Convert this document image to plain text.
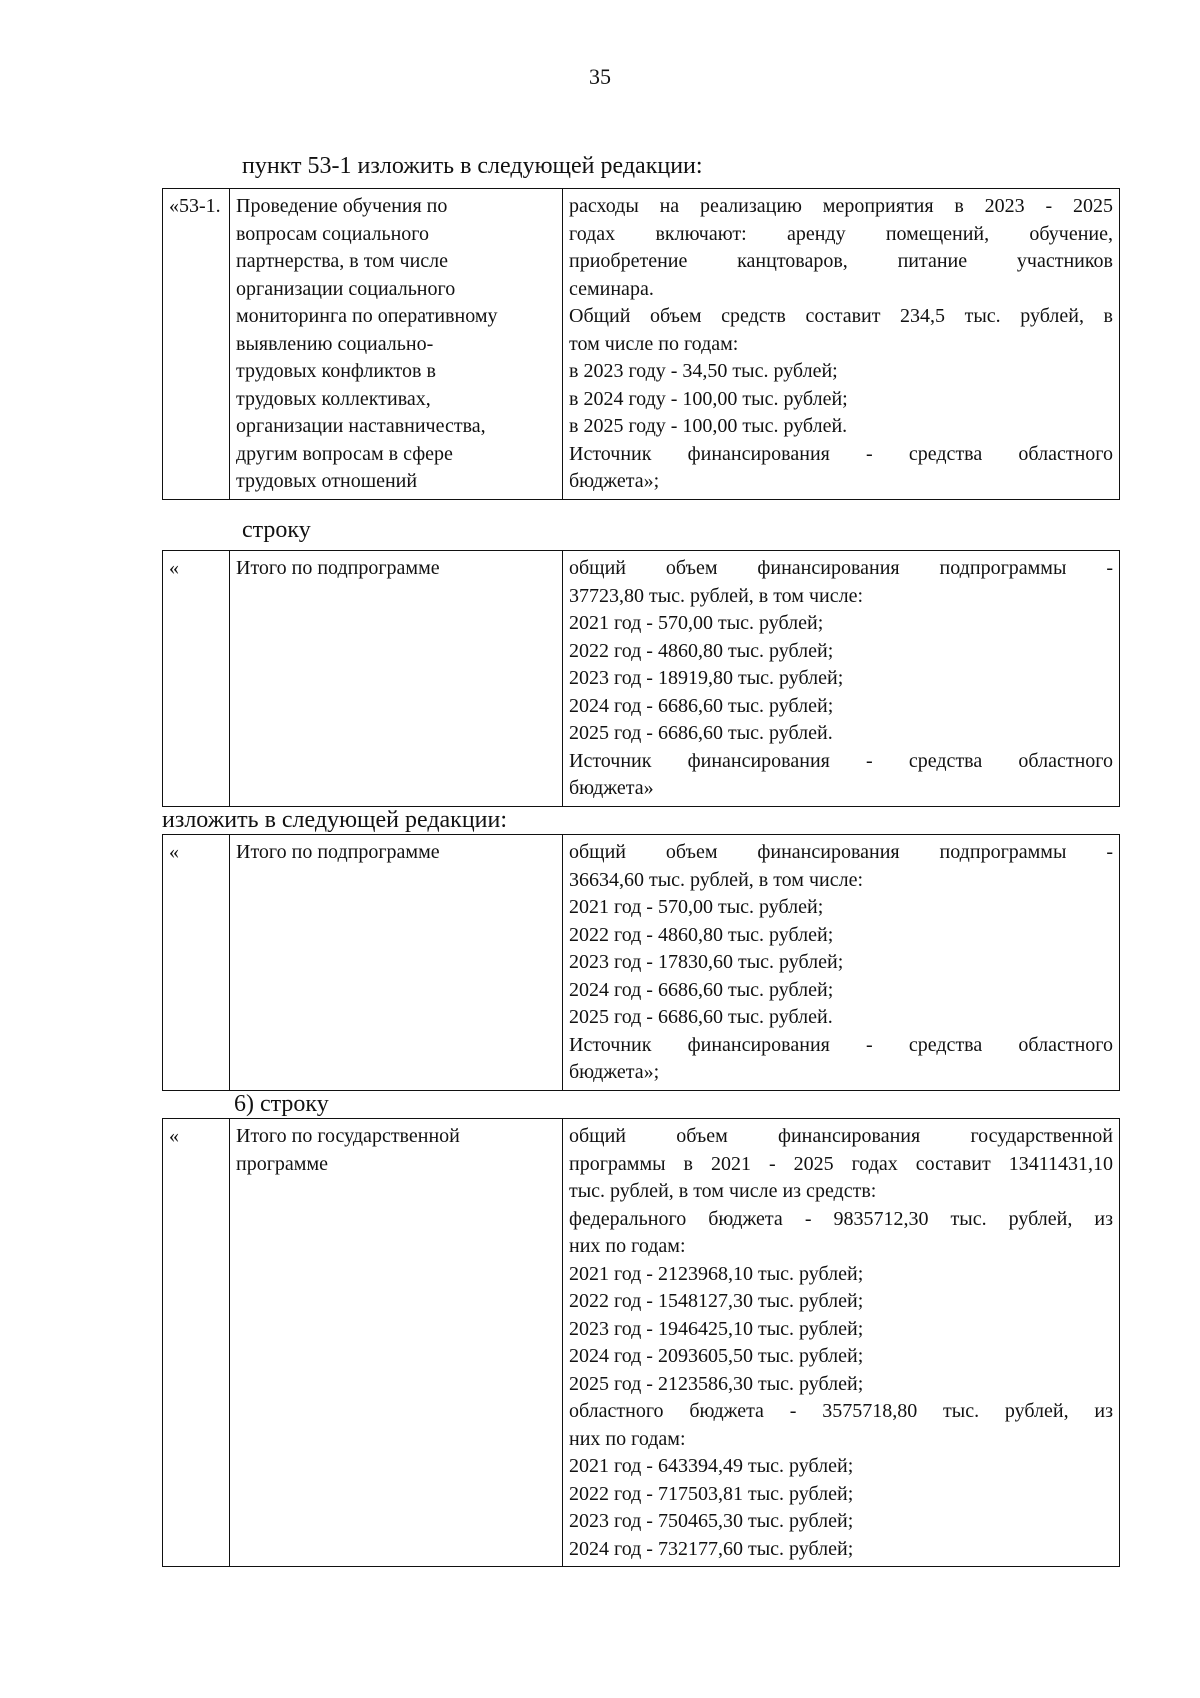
35
пункт 53-1 изложить в следующей редакции:
«53-1.	Проведение обучения по
вопросам социального
партнерства, в том числе
организации социального
мониторинга по оперативному
выявлению социально-
трудовых конфликтов в
трудовых коллективах,
организации наставничества,
другим вопросам в сфере
трудовых отношений

расходы на реализацию мероприятия в 2023 - 2025
годах включают: аренду помещений, обучение,
приобретение канцтоваров, питание участников
семинара.
Общий объем средств составит 234,5 тыс. рублей, в
том числе по годам:
в 2023 году - 34,50 тыс. рублей;
в 2024 году - 100,00 тыс. рублей;
в 2025 году - 100,00 тыс. рублей.
Источник финансирования - средства областного
бюджета»;
строку
«	Итого по подпрограмме	общий объем финансирования подпрограммы -
37723,80 тыс. рублей, в том числе:
2021 год - 570,00 тыс. рублей;
2022 год - 4860,80 тыс. рублей;
2023 год - 18919,80 тыс. рублей;
2024 год - 6686,60 тыс. рублей;
2025 год - 6686,60 тыс. рублей.
Источник финансирования - средства областного
бюджета»
изложить в следующей редакции:
«	Итого по подпрограмме	общий объем финансирования подпрограммы -
36634,60 тыс. рублей, в том числе:
2021 год - 570,00 тыс. рублей;
2022 год - 4860,80 тыс. рублей;
2023 год - 17830,60 тыс. рублей;
2024 год - 6686,60 тыс. рублей;
2025 год - 6686,60 тыс. рублей.
Источник финансирования - средства областного
бюджета»;
6) строку
«	Итого по государственной
программе

общий объем финансирования государственной
программы в 2021 - 2025 годах составит 13411431,10
тыс. рублей, в том числе из средств:
федерального бюджета - 9835712,30 тыс. рублей, из
них по годам:
2021 год - 2123968,10 тыс. рублей;
2022 год - 1548127,30 тыс. рублей;
2023 год - 1946425,10 тыс. рублей;
2024 год - 2093605,50 тыс. рублей;
2025 год - 2123586,30 тыс. рублей;
областного бюджета - 3575718,80 тыс. рублей, из
них по годам:
2021 год - 643394,49 тыс. рублей;
2022 год - 717503,81 тыс. рублей;
2023 год - 750465,30 тыс. рублей;
2024 год - 732177,60 тыс. рублей;
